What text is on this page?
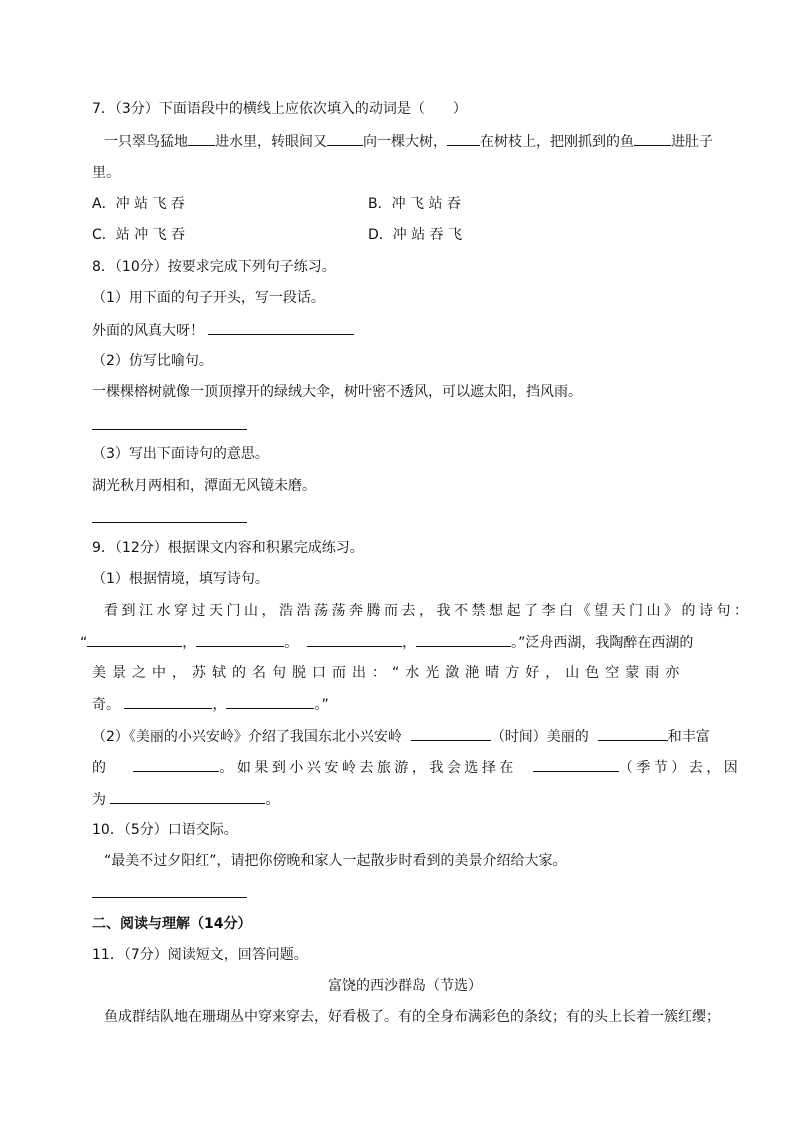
7．（3分）下面语段中的横线上应依次填入的动词是（　　）
一只翠鸟猛地 进水里，转眼间又	向一棵大树， 在树枝上，把刚抓到的鱼	进肚子
里。
A．冲 站 飞 吞	B．冲 飞 站 吞
C．站 冲 飞 吞	D．冲 站 吞 飞
8．（10分）按要求完成下列句子练习。
（1）用下面的句子开头，写一段话。
外面的风真大呀！
（2）仿写比喻句。
一棵棵榕树就像一顶顶撑开的绿绒大伞，树叶密不透风，可以遮太阳，挡风雨。
（3）写出下面诗句的意思。
湖光秋月两相和，潭面无风镜未磨。
9．（12分）根据课文内容和积累完成练习。
（1）根据情境，填写诗句。
看到江水穿过天门山，浩浩荡荡奔腾而去，我不禁想起了李白《望天门山》的诗句：
“	，	。	，	。”泛舟西湖，我陶醉在西湖的
美景之中，苏轼的名句脱口而出：“水光潋滟晴方好，山色空蒙雨亦
奇。	，	。”
（2）《美丽的小兴安岭》介绍了我国东北小兴安岭	（时间）美丽的	和丰富
的	。如果到小兴安岭去旅游，我会选择在	（季节）去，因
为	。
10．（5分）口语交际。
“最美不过夕阳红”，请把你傍晚和家人一起散步时看到的美景介绍给大家。
二、阅读与理解（14分）
11．（7分）阅读短文，回答问题。
富饶的西沙群岛（节选）
鱼成群结队地在珊瑚丛中穿来穿去，好看极了。有的全身布满彩色的条纹；有的头上长着一簇红缨；
